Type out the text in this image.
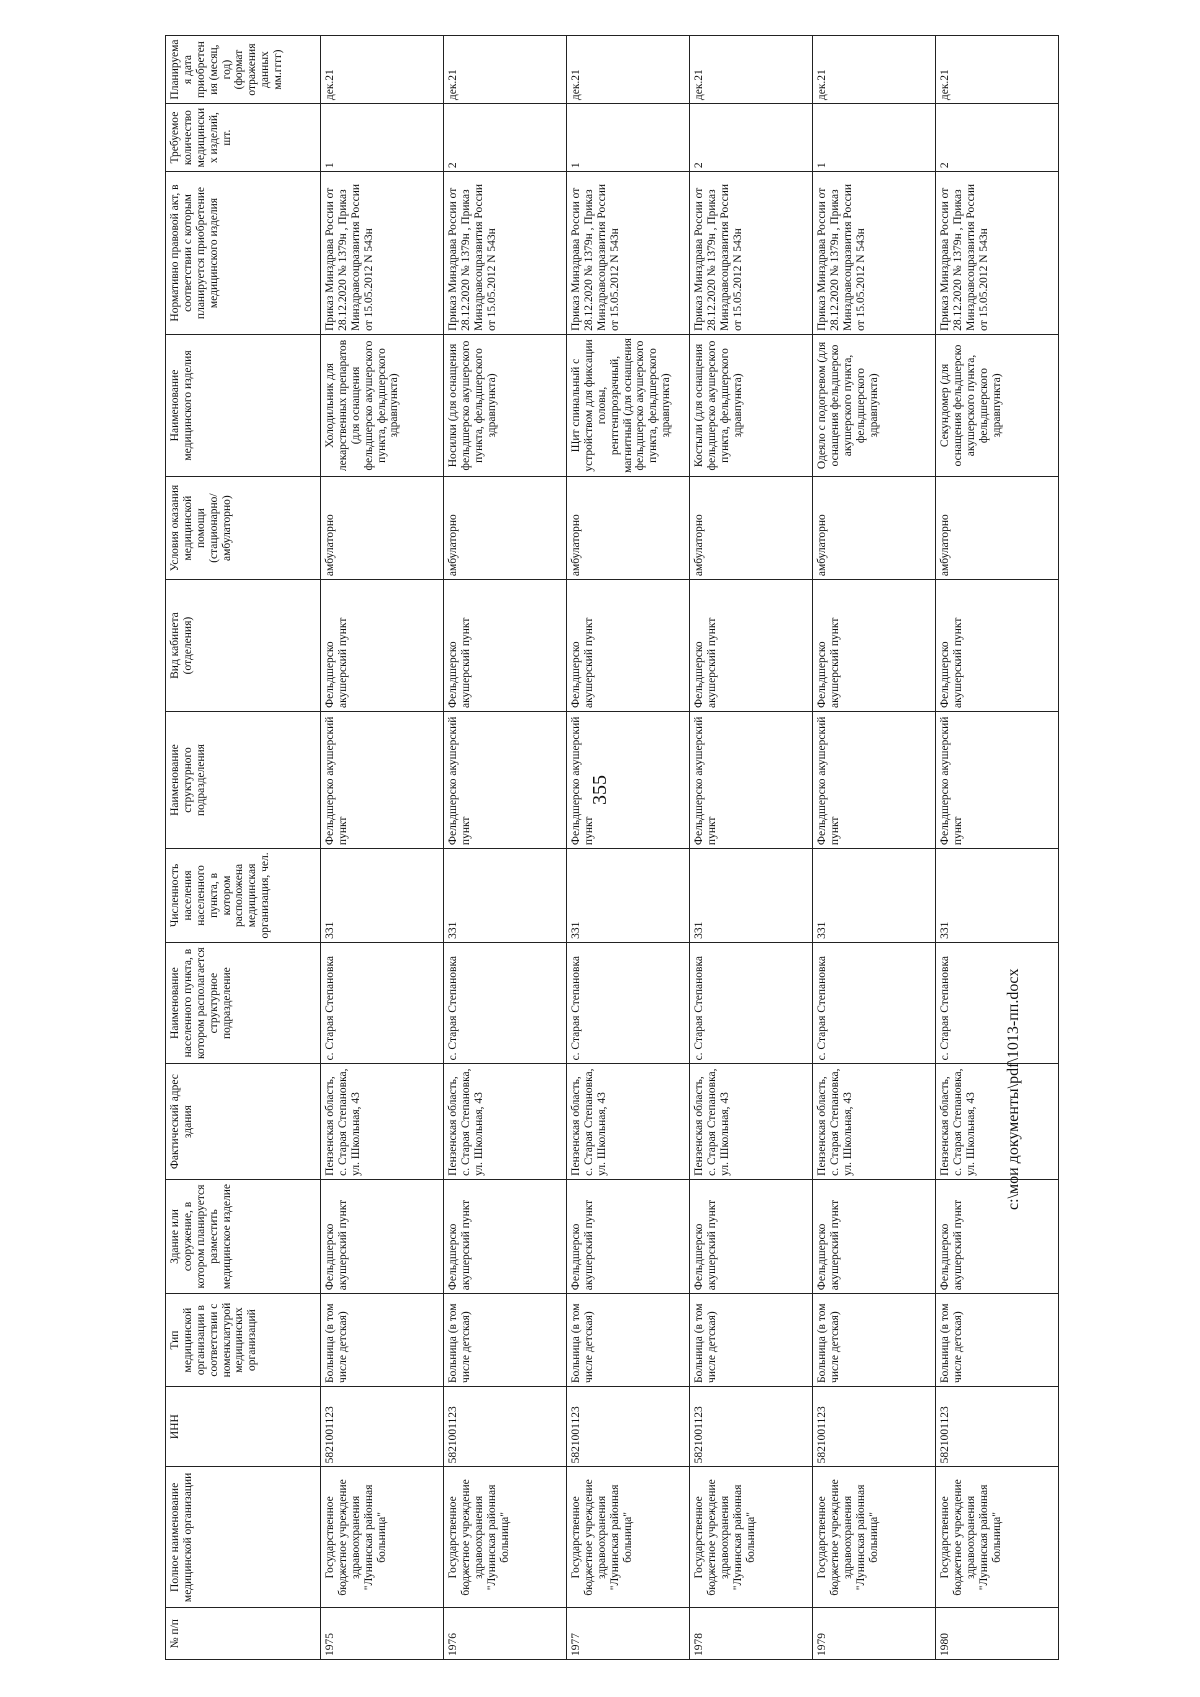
№ п/п	Полное наименование медицинской организации	ИНН	Тип медицинской организации в соответствии с номенклатурой медицинских организаций	Здание или сооружение, в котором планируется разместить медицинское изделие	Фактический адрес здания	Наименование населенного пункта, в котором располагается структурное подразделение	Численность населения населенного пункта, в котором расположена медицинская организация, чел.	Наименование структурного подразделения	Вид кабинета (отделения)	Условия оказания медицинской помощи (стационарно/ амбулаторно)	Наименование медицинского изделия	Нормативно правовой акт, в соответствии с которым планируется приобретение медицинского изделия	Требуемое количество медицинских изделий, шт.	Планируемая дата приобретения (месяц, год) (формат отражения данных мм.гггг)
1975	Государственное бюджетное учреждение здравоохранения "Лунинская районная больница"	5821001123	Больница (в том числе детская)	Фельдшерско акушерский пункт	Пензенская область, с. Старая Степановка, ул. Школьная, 43	с. Старая Степановка	331	Фельдшерско акушерский пункт	Фельдшерско акушерский пункт	амбулаторно	Холодильник для лекарственных препаратов (для оснащения фельдшерско акушерского пункта, фельдшерского здравпункта)	Приказ Минздрава России от 28.12.2020 № 1379н , Приказ Минздравсоцразвития России от 15.05.2012 N 543н	1	дек.21
1976	Государственное бюджетное учреждение здравоохранения "Лунинская районная больница"	5821001123	Больница (в том числе детская)	Фельдшерско акушерский пункт	Пензенская область, с. Старая Степановка, ул. Школьная, 43	с. Старая Степановка	331	Фельдшерско акушерский пункт	Фельдшерско акушерский пункт	амбулаторно	Носилки (для оснащения фельдшерско акушерского пункта, фельдшерского здравпункта)	Приказ Минздрава России от 28.12.2020 № 1379н , Приказ Минздравсоцразвития России от 15.05.2012 N 543н	2	дек.21
1977	Государственное бюджетное учреждение здравоохранения "Лунинская районная больница"	5821001123	Больница (в том числе детская)	Фельдшерско акушерский пункт	Пензенская область, с. Старая Степановка, ул. Школьная, 43	с. Старая Степановка	331	Фельдшерско акушерский пункт	Фельдшерско акушерский пункт	амбулаторно	Щит спинальный с устройством для фиксации головы, рентгенпрозрачный, магнитный (для оснащения фельдшерско акушерского пункта, фельдшерского здравпункта)	Приказ Минздрава России от 28.12.2020 № 1379н , Приказ Минздравсоцразвития России от 15.05.2012 N 543н	1	дек.21
1978	Государственное бюджетное учреждение здравоохранения "Лунинская районная больница"	5821001123	Больница (в том числе детская)	Фельдшерско акушерский пункт	Пензенская область, с. Старая Степановка, ул. Школьная, 43	с. Старая Степановка	331	Фельдшерско акушерский пункт	Фельдшерско акушерский пункт	амбулаторно	Костыли (для оснащения фельдшерско акушерского пункта, фельдшерского здравпункта)	Приказ Минздрава России от 28.12.2020 № 1379н , Приказ Минздравсоцразвития России от 15.05.2012 N 543н	2	дек.21
1979	Государственное бюджетное учреждение здравоохранения "Лунинская районная больница"	5821001123	Больница (в том числе детская)	Фельдшерско акушерский пункт	Пензенская область, с. Старая Степановка, ул. Школьная, 43	с. Старая Степановка	331	Фельдшерско акушерский пункт	Фельдшерско акушерский пункт	амбулаторно	Одеяло с подогревом (для оснащения фельдшерско акушерского пункта, фельдшерского здравпункта)	Приказ Минздрава России от 28.12.2020 № 1379н , Приказ Минздравсоцразвития России от 15.05.2012 N 543н	1	дек.21
1980	Государственное бюджетное учреждение здравоохранения "Лунинская районная больница"	5821001123	Больница (в том числе детская)	Фельдшерско акушерский пункт	Пензенская область, с. Старая Степановка, ул. Школьная, 43	с. Старая Степановка	331	Фельдшерско акушерский пункт	Фельдшерско акушерский пункт	амбулаторно	Секундомер (для оснащения фельдшерско акушерского пункта, фельдшерского здравпункта)	Приказ Минздрава России от 28.12.2020 № 1379н , Приказ Минздравсоцразвития России от 15.05.2012 N 543н	2	дек.21
355
c:\мои документы\pdf\1013-пп.docx
